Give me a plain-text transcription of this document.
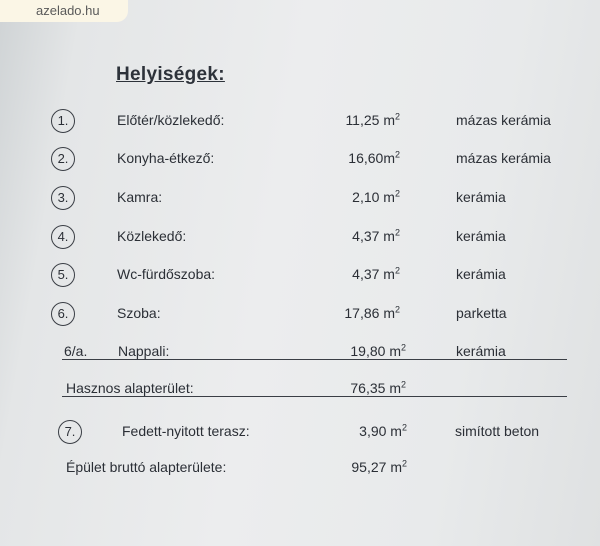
azelado.hu
Helyiségek:
1.	Előtér/közlekedő:	11,25 $m^2$	mázas kerámia
2.	Konyha-étkező:	$16,60m^2$	mázas kerámia
3.	Kamra:	2,10 $m^2$	kerámia
4.	Közlekedő:	4,37 $m^2$	kerámia
5.	Wc-fürdőszoba:	4,37 $m^2$	kerámia
6.	Szoba:	17,86 $m^2$	parketta
6/a. Nappali:	19,80 $m^2$	kerámia
Hasznos alapterület:	76,35 $m^2$
7.	Fedett-nyitott terasz:	3,90 $m^2$	simított beton
Épület bruttó alapterülete:	95,27 $m^2$
